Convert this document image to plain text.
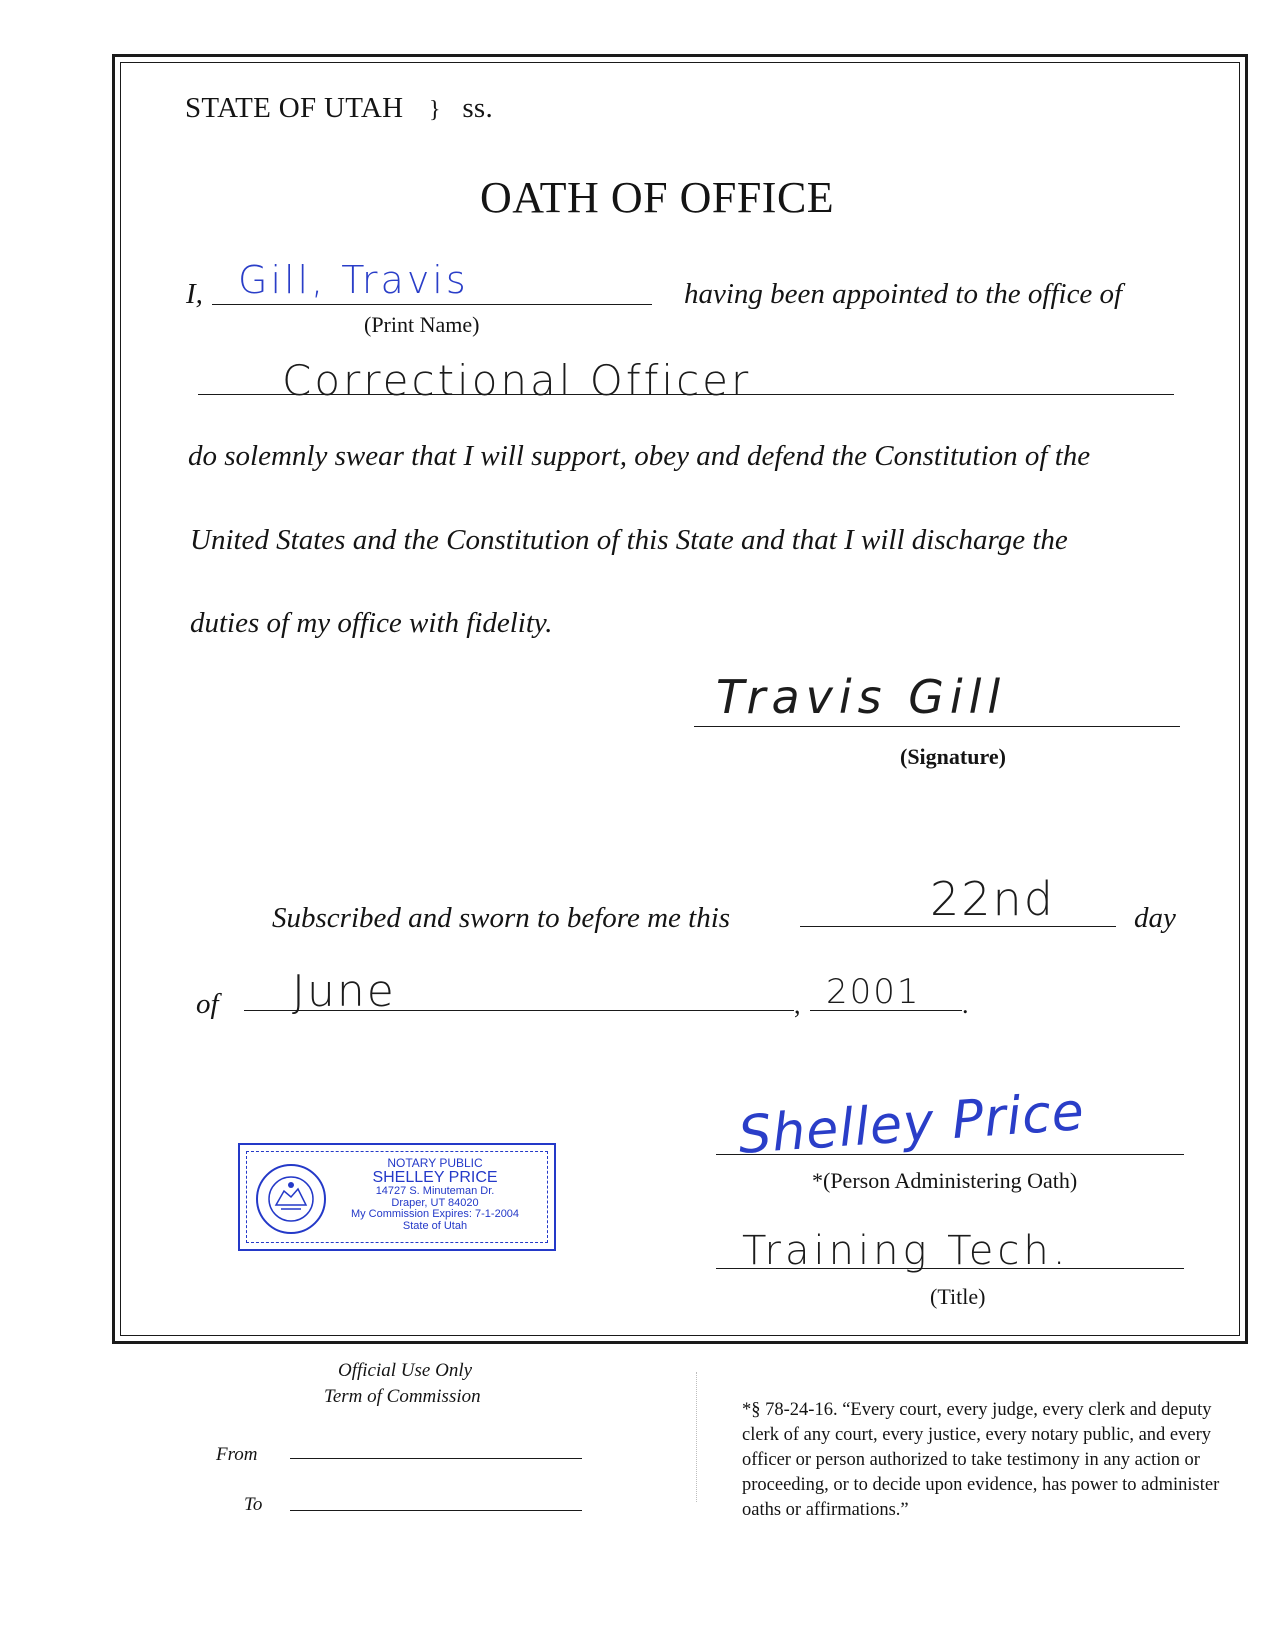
STATE OF UTAH } ss.
OATH OF OFFICE
I, Gill, Travis
(Print Name)
having been appointed to the office of
Correctional Officer
do solemnly swear that I will support, obey and defend the Constitution of the
United States and the Constitution of this State and that I will discharge the
duties of my office with fidelity.
Travis Gill
(Signature)
Subscribed and sworn to before me this	22nd	day
of June	, 2001 .
Shelley Price
*(Person Administering Oath)
Training Tech.
(Title)
NOTARY PUBLIC
SHELLEY PRICE
14727 S. Minuteman Dr.
Draper, UT 84020
My Commission Expires: 7-1-2004
State of Utah
Official Use Only
Term of Commission
From
To
*§ 78-24-16. “Every court, every judge, every clerk and deputy clerk of any court, every justice, every notary public, and every officer or person authorized to take testimony in any action or proceeding, or to decide upon evidence, has power to administer oaths or affirmations.”
